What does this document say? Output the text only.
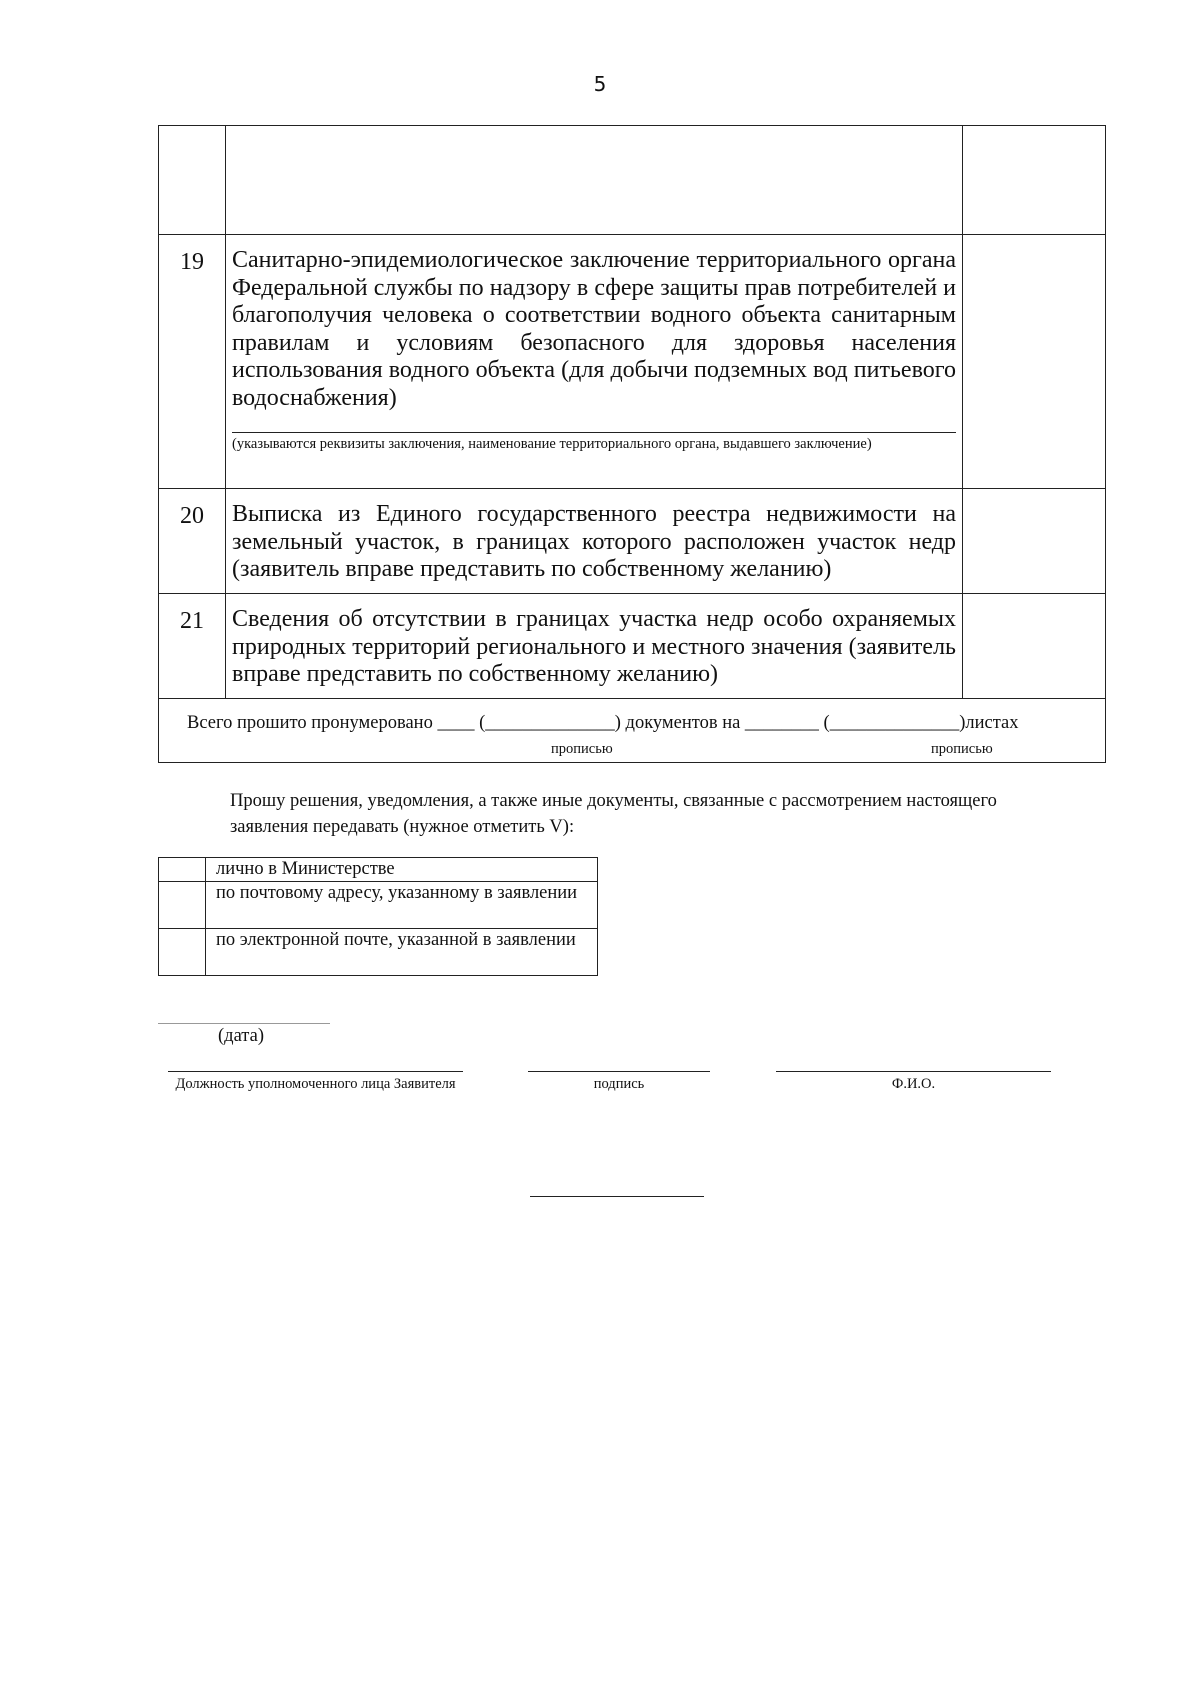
5

19	Санитарно-эпидемиологическое заключение территориального органа Федеральной службы по надзору в сфере защиты прав потребителей и благополучия человека о соответствии водного объекта санитарным правилам и условиям безопасного для здоровья населения использования водного объекта (для добычи подземных вод питьевого водоснабжения)
(указываются реквизиты заключения, наименование территориального органа, выдавшего заключение)	

20	Выписка из Единого государственного реестра недвижимости на земельный участок, в границах которого расположен участок недр (заявитель вправе представить по собственному желанию)	
21	Сведения об отсутствии в границах участка недр особо охраняемых природных территорий регионального и местного значения (заявитель вправе представить по собственному желанию)	

Всего прошито пронумеровано ____ (______________) документов на ________ (______________)листах
прописью прописью		
Прошу решения, уведомления, а также иные документы, связанные с рассмотрением настоящего заявления передавать (нужное отметить V):
	лично в Министерстве
	по почтовому адресу, указанному в заявлении
	по электронной почте, указанной в заявлении
(дата)
Должность уполномоченного лица Заявителя	подпись	Ф.И.О.
